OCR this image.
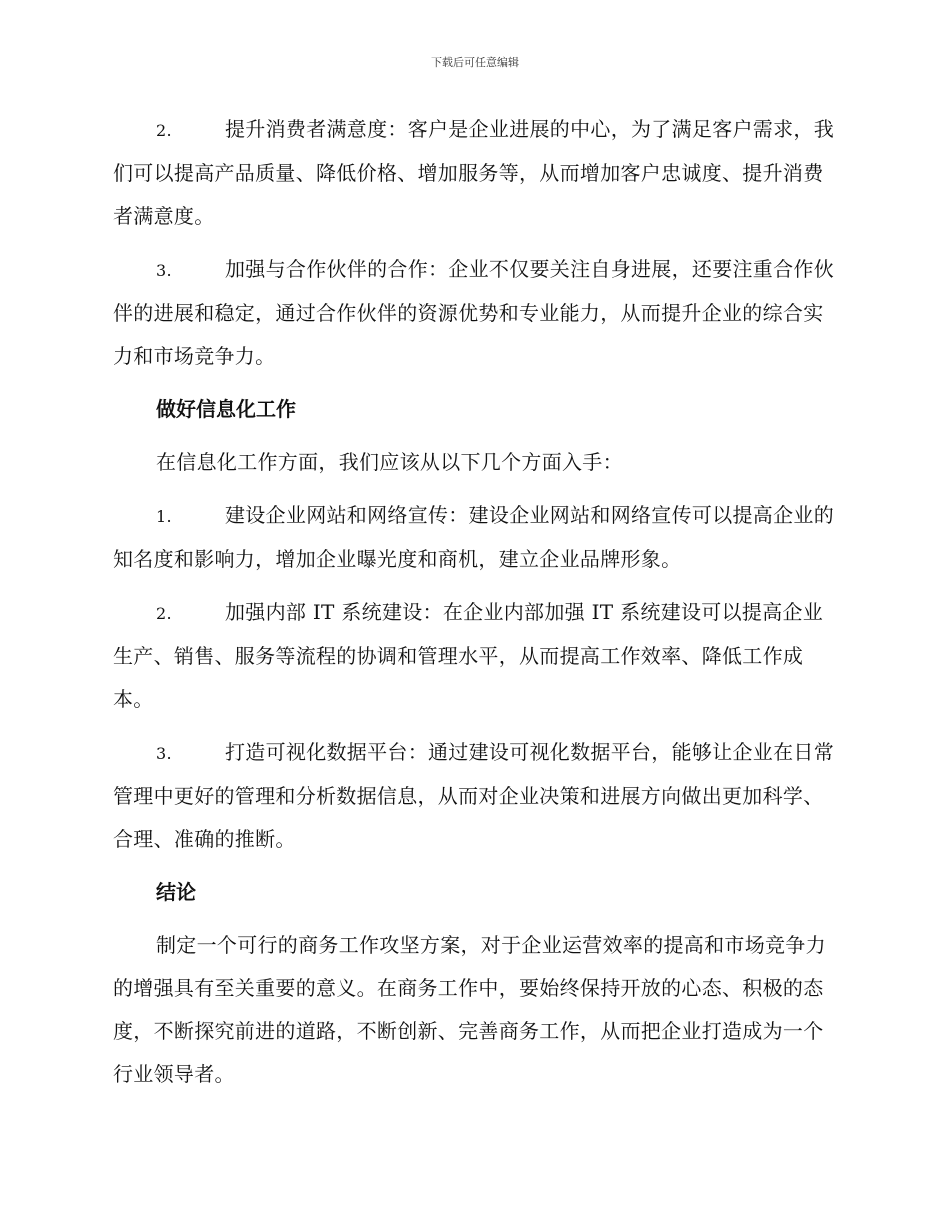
下载后可任意编辑

2.	提升消费者满意度：客户是企业进展的中心，为了满足客户需求，我们可以提高产品质量、降低价格、增加服务等，从而增加客户忠诚度、提升消费者满意度。

3.	加强与合作伙伴的合作：企业不仅要关注自身进展，还要注重合作伙伴的进展和稳定，通过合作伙伴的资源优势和专业能力，从而提升企业的综合实力和市场竞争力。

做好信息化工作

在信息化工作方面，我们应该从以下几个方面入手：

1.	建设企业网站和网络宣传：建设企业网站和网络宣传可以提高企业的知名度和影响力，增加企业曝光度和商机，建立企业品牌形象。

2.	加强内部 IT 系统建设：在企业内部加强 IT 系统建设可以提高企业生产、销售、服务等流程的协调和管理水平，从而提高工作效率、降低工作成本。

3.	打造可视化数据平台：通过建设可视化数据平台，能够让企业在日常管理中更好的管理和分析数据信息，从而对企业决策和进展方向做出更加科学、合理、准确的推断。

结论

制定一个可行的商务工作攻坚方案，对于企业运营效率的提高和市场竞争力的增强具有至关重要的意义。在商务工作中，要始终保持开放的心态、积极的态度，不断探究前进的道路，不断创新、完善商务工作，从而把企业打造成为一个行业领导者。
